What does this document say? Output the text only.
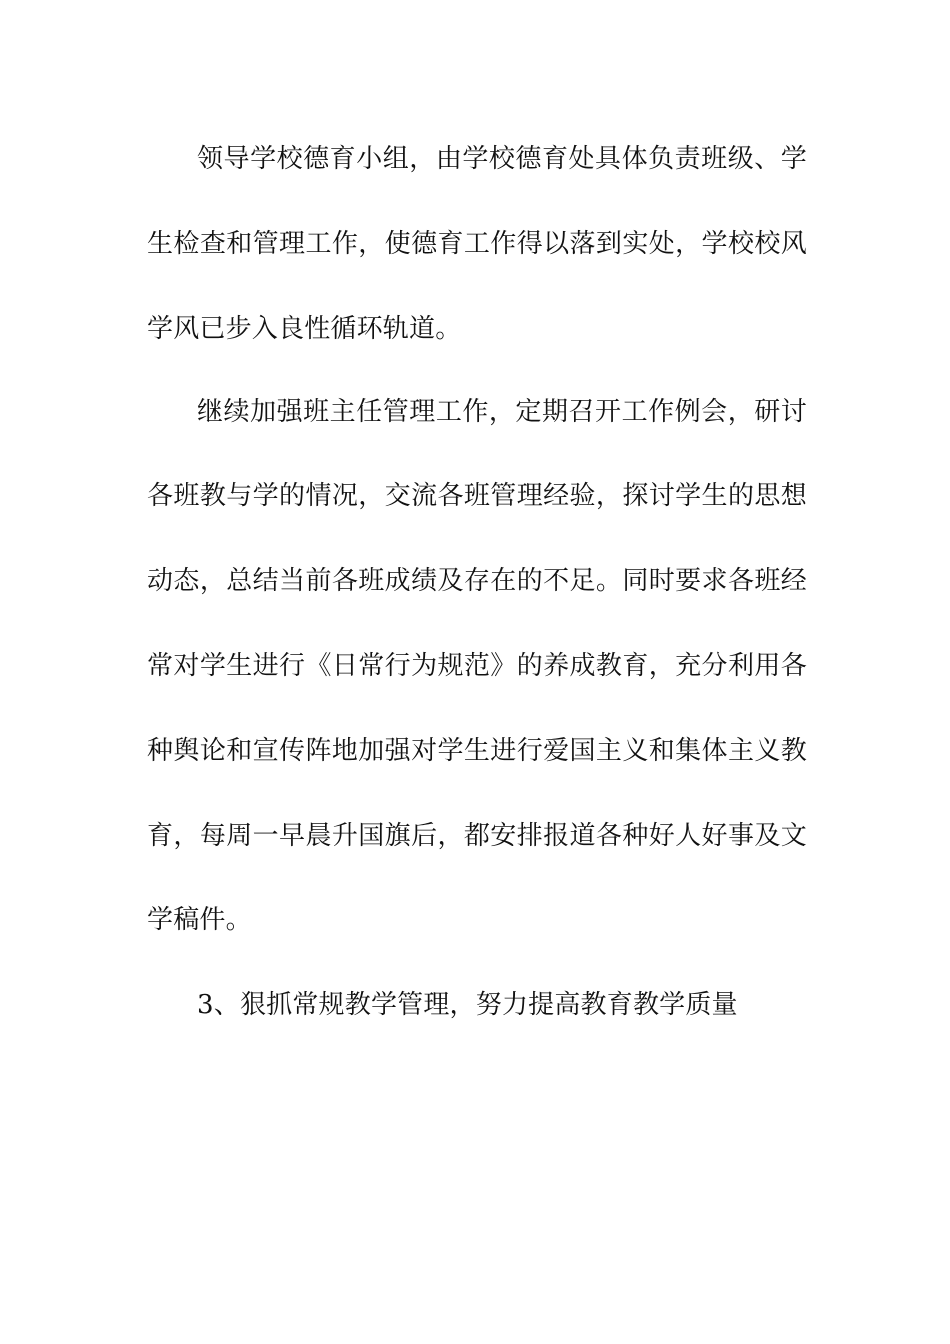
领导学校德育小组，由学校德育处具体负责班级、学
生检查和管理工作，使德育工作得以落到实处，学校校风
学风已步入良性循环轨道。
继续加强班主任管理工作，定期召开工作例会，研讨
各班教与学的情况，交流各班管理经验，探讨学生的思想
动态，总结当前各班成绩及存在的不足。同时要求各班经
常对学生进行《日常行为规范》的养成教育，充分利用各
种舆论和宣传阵地加强对学生进行爱国主义和集体主义教
育，每周一早晨升国旗后，都安排报道各种好人好事及文
学稿件。
3、狠抓常规教学管理，努力提高教育教学质量
